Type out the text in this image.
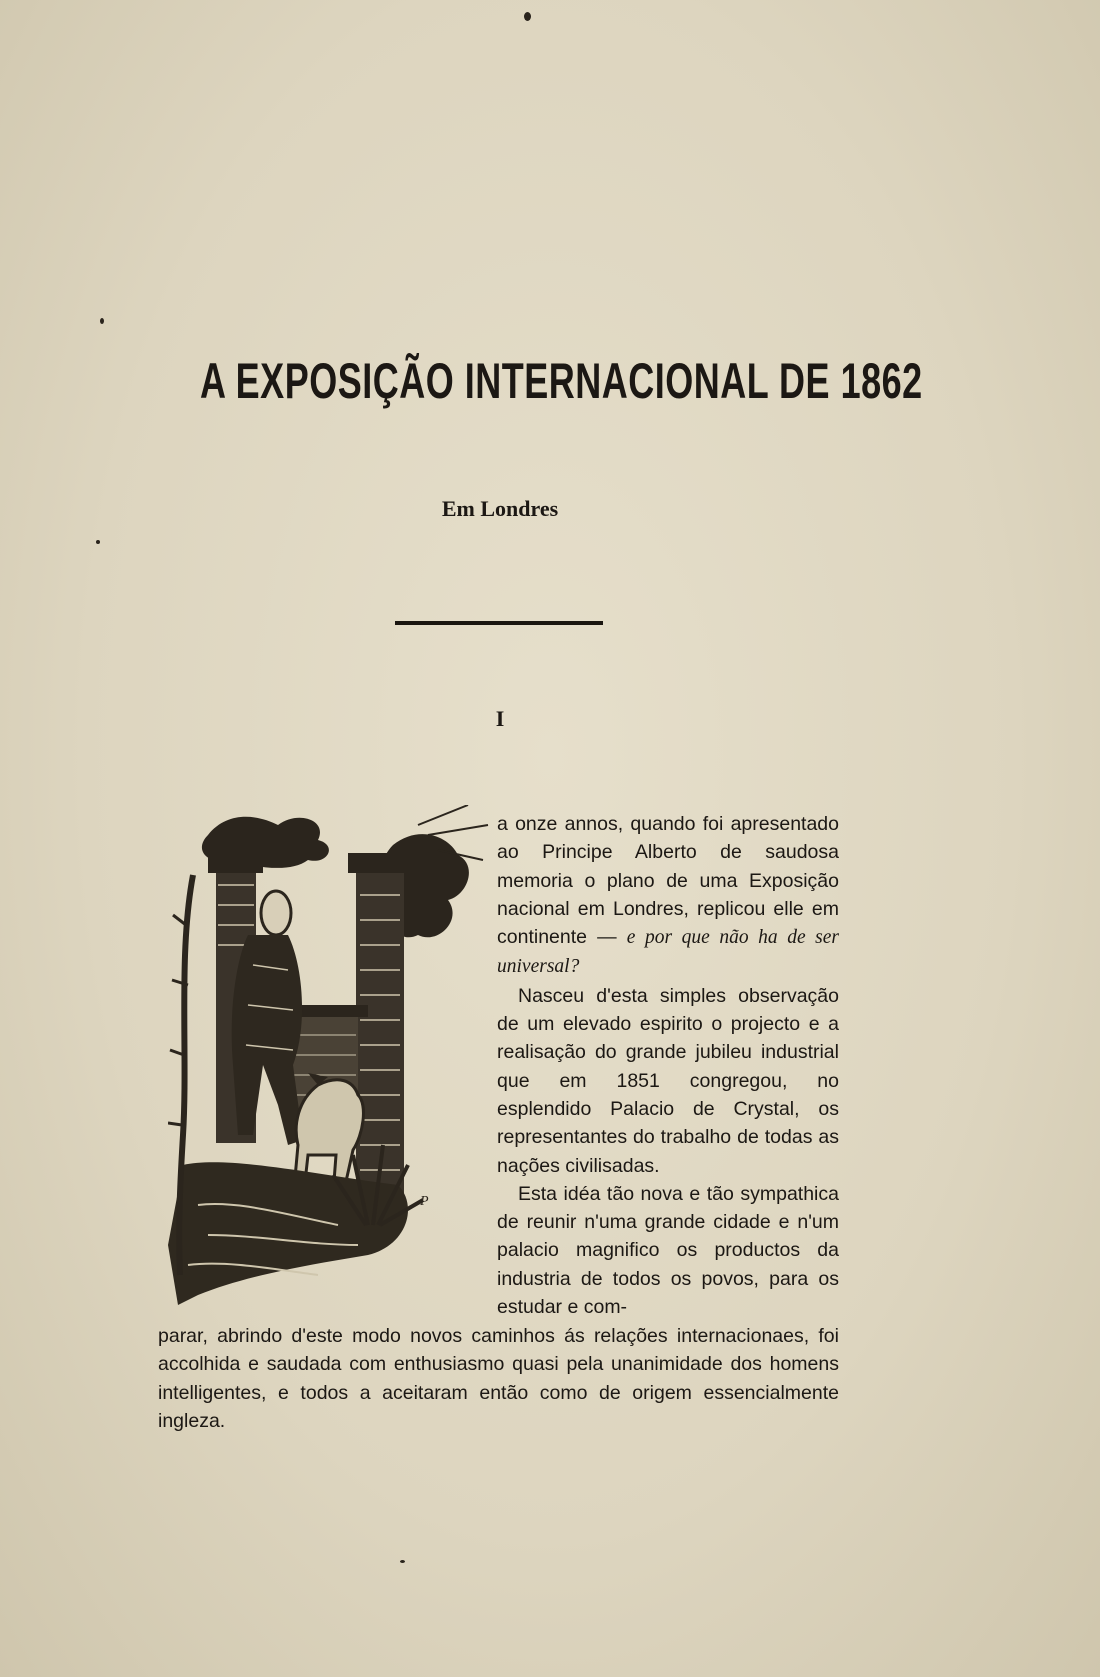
A EXPOSIÇÃO INTERNACIONAL DE 1862
Em Londres
I
P

a onze annos, quando foi apresentado ao Principe Alberto de saudosa memoria o plano de uma Exposição nacional em Londres, replicou elle em continente — e por que não ha de ser universal?

Nasceu d'esta simples observação de um elevado espirito o projecto e a realisação do grande jubileu industrial que em 1851 congregou, no esplendido Palacio de Crystal, os representantes do trabalho de todas as nações civilisadas.

Esta idéa tão nova e tão sympathica de reunir n'uma grande cidade e n'um palacio magnifico os productos da industria de todos os povos, para os estudar e com-

parar, abrindo d'este modo novos caminhos ás relações internacionaes, foi accolhida e saudada com enthusiasmo quasi pela unanimidade dos homens intelligentes, e todos a aceitaram então como de origem essencialmente ingleza.
